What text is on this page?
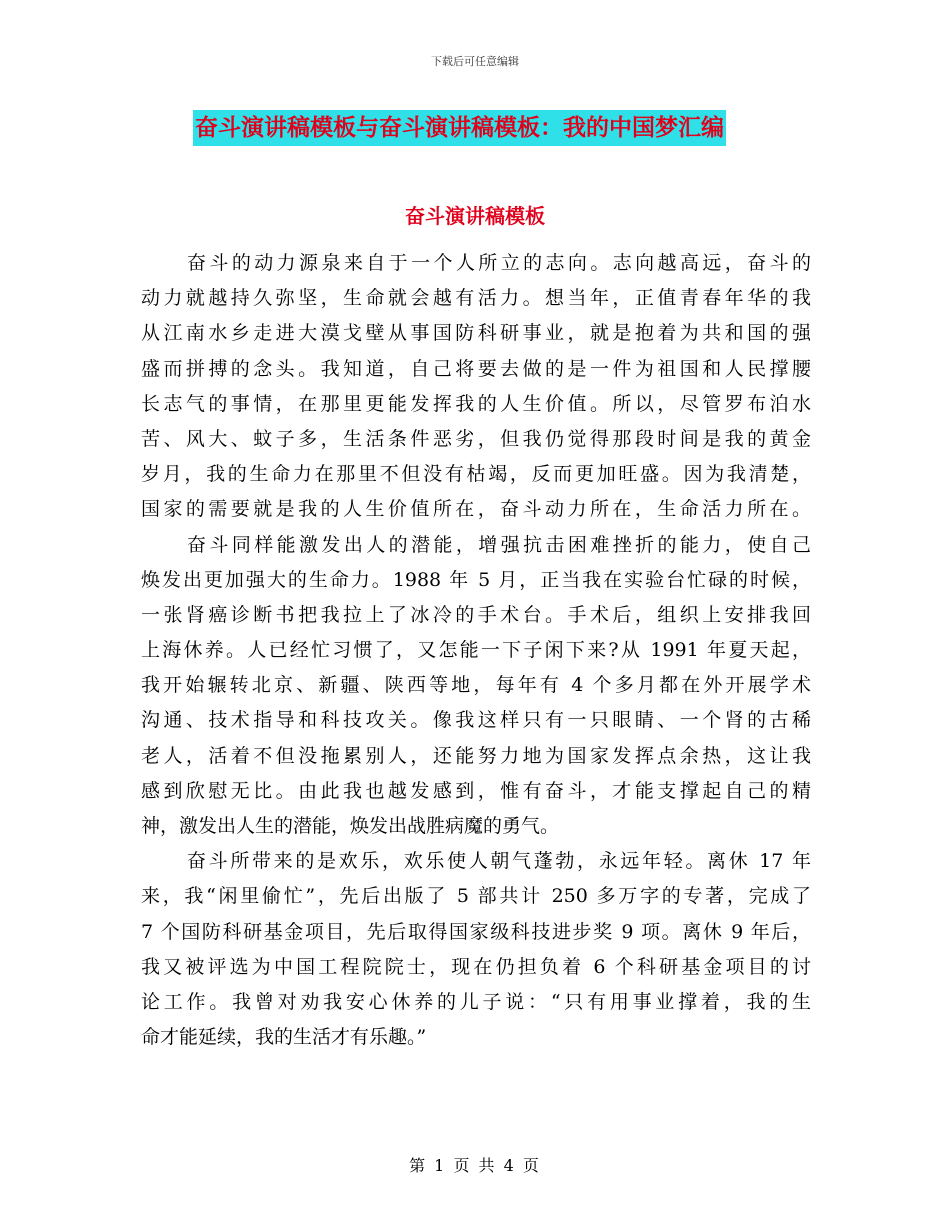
下载后可任意编辑
奋斗演讲稿模板与奋斗演讲稿模板：我的中国梦汇编
奋斗演讲稿模板
奋斗的动力源泉来自于一个人所立的志向。志向越高远，奋斗的
动力就越持久弥坚，生命就会越有活力。想当年，正值青春年华的我
从江南水乡走进大漠戈壁从事国防科研事业，就是抱着为共和国的强
盛而拼搏的念头。我知道，自己将要去做的是一件为祖国和人民撑腰
长志气的事情，在那里更能发挥我的人生价值。所以，尽管罗布泊水
苦、风大、蚊子多，生活条件恶劣，但我仍觉得那段时间是我的黄金
岁月，我的生命力在那里不但没有枯竭，反而更加旺盛。因为我清楚，
国家的需要就是我的人生价值所在，奋斗动力所在，生命活力所在。
奋斗同样能激发出人的潜能，增强抗击困难挫折的能力，使自己
焕发出更加强大的生命力。1988 年 5 月，正当我在实验台忙碌的时候，
一张肾癌诊断书把我拉上了冰冷的手术台。手术后，组织上安排我回
上海休养。人已经忙习惯了，又怎能一下子闲下来?从 1991 年夏天起，
我开始辗转北京、新疆、陕西等地，每年有 4 个多月都在外开展学术
沟通、技术指导和科技攻关。像我这样只有一只眼睛、一个肾的古稀
老人，活着不但没拖累别人，还能努力地为国家发挥点余热，这让我
感到欣慰无比。由此我也越发感到，惟有奋斗，才能支撑起自己的精
神，激发出人生的潜能，焕发出战胜病魔的勇气。
奋斗所带来的是欢乐，欢乐使人朝气蓬勃，永远年轻。离休 17 年
来，我“闲里偷忙”，先后出版了 5 部共计 250 多万字的专著，完成了
7 个国防科研基金项目，先后取得国家级科技进步奖 9 项。离休 9 年后，
我又被评选为中国工程院院士，现在仍担负着 6 个科研基金项目的讨
论工作。我曾对劝我安心休养的儿子说：“只有用事业撑着，我的生
命才能延续，我的生活才有乐趣。”
第 1 页 共 4 页
